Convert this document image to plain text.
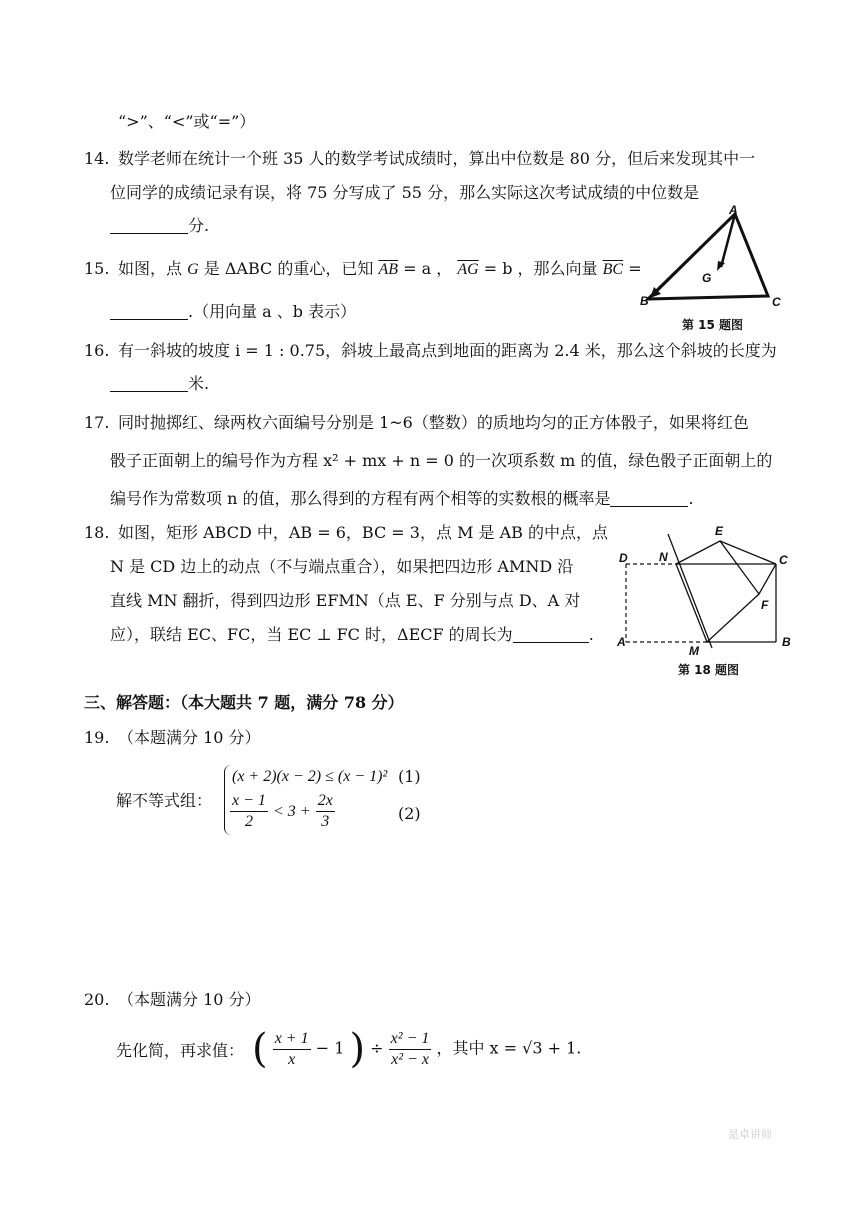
“>”、“<”或“=”）
14. 数学老师在统计一个班 35 人的数学考试成绩时，算出中位数是 80 分，但后来发现其中一
位同学的成绩记录有误，将 75 分写成了 55 分，那么实际这次考试成绩的中位数是
分.
15. 如图，点 G 是 ΔABC 的重心，已知 $\overline{AB} = a$ ， $\overline{AG} = b$ ，那么向量 $\overline{BC}$ =
.（用向量 a 、b 表示）
A
B	C
G
第 15 题图
16. 有一斜坡的坡度 i = 1 : 0.75，斜坡上最高点到地面的距离为 2.4 米，那么这个斜坡的长度为
米.
17. 同时抛掷红、绿两枚六面编号分别是 1~6（整数）的质地均匀的正方体骰子，如果将红色
骰子正面朝上的编号作为方程 x² + mx + n = 0 的一次项系数 m 的值，绿色骰子正面朝上的
编号作为常数项 n 的值，那么得到的方程有两个相等的实数根的概率是	.
18. 如图，矩形 ABCD 中，AB = 6，BC = 3，点 M 是 AB 的中点，点
N 是 CD 边上的动点（不与端点重合），如果把四边形 AMND 沿
直线 MN 翻折，得到四边形 EFMN（点 E、F 分别与点 D、A 对
应），联结 EC、FC，当 EC ⊥ FC 时，ΔECF 的周长为	.
D	N
E
C
F
A
M
B
第 18 题图
三、解答题：（本大题共 7 题，满分 78 分）
19. （本题满分 10 分）
解不等式组：
(x + 2)(x − 2) ≤ (x − 1)² (1)
$\frac{x - 1}{2} < 3 + \frac{2x}{3}$	(2)
20. （本题满分 10 分）
先化简，再求值： ( $\frac{x + 1}{x} - 1$ ) ÷ $\frac{\text{x² − 1}}{\text{x² − x}}$ ，其中 x = √3 + 1.
是卓讲师
